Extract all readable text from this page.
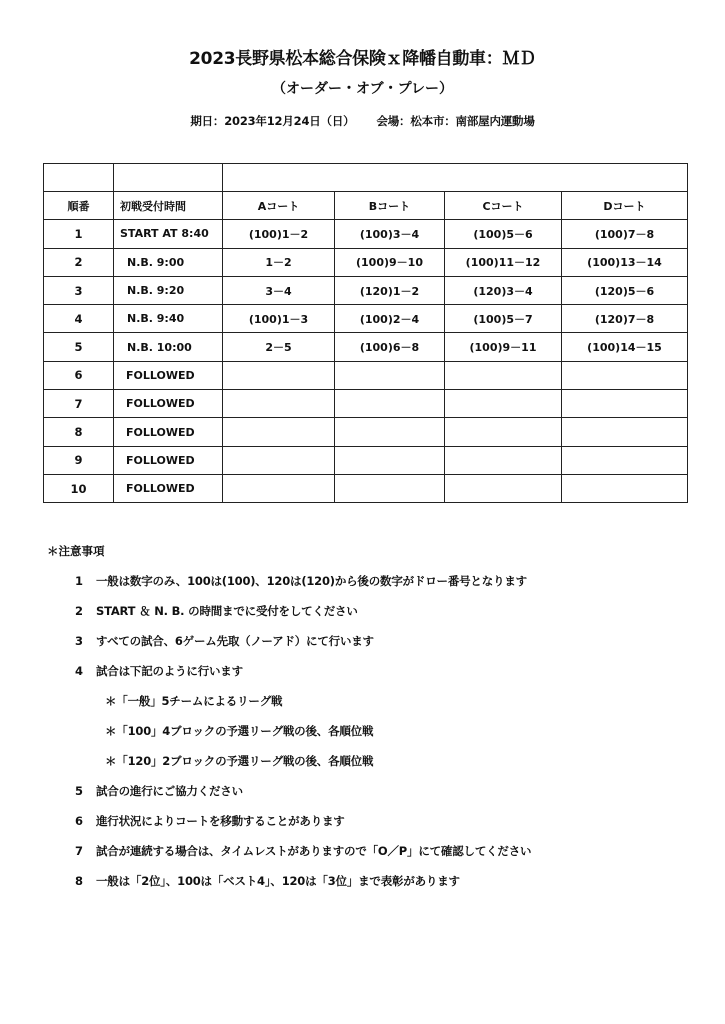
2023長野県松本総合保険ｘ降幡自動車：ＭＤ
（オーダー・オブ・プレー）
期日：2023年12月24日（日） 会場：松本市：南部屋内運動場

順番	初戦受付時間	Aコート	Bコート	Cコート	Dコート
1	START AT 8:40	(100)1－2	(100)3－4	(100)5－6	(100)7－8
2	N.B. 9:00	1－2	(100)9－10	(100)11－12	(100)13－14
3	N.B. 9:20	3－4	(120)1－2	(120)3－4	(120)5－6
4	N.B. 9:40	(100)1－3	(100)2－4	(100)5－7	(120)7－8
5	N.B. 10:00	2－5	(100)6－8	(100)9－11	(100)14－15
6	FOLLOWED				
7	FOLLOWED				
8	FOLLOWED				
9	FOLLOWED				
10	FOLLOWED				
＊注意事項
1 一般は数字のみ、100は(100)、120は(120)から後の数字がドロー番号となります
2 START ＆ N. B. の時間までに受付をしてください
3 すべての試合、6ゲーム先取（ノーアド）にて行います
4 試合は下記のように行います
＊「一般」5チームによるリーグ戦
＊「100」4ブロックの予選リーグ戦の後、各順位戦
＊「120」2ブロックの予選リーグ戦の後、各順位戦
5 試合の進行にご協力ください
6 進行状況によりコートを移動することがあります
7 試合が連続する場合は、タイムレストがありますので「O／P」にて確認してください
8 一般は「2位」、100は「ベスト4」、120は「3位」まで表彰があります
